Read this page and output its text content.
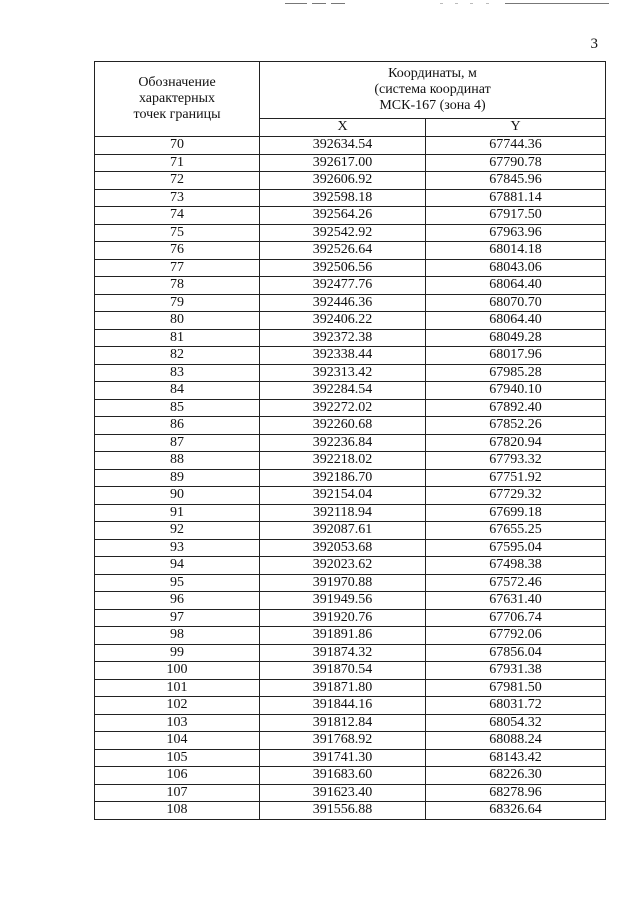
3
Обозначение
характерных
точек границы	Координаты, м
(система координат
МСК-167 (зона 4)	

	X	Y
70	392634.54	67744.36
71	392617.00	67790.78
72	392606.92	67845.96
73	392598.18	67881.14
74	392564.26	67917.50
75	392542.92	67963.96
76	392526.64	68014.18
77	392506.56	68043.06
78	392477.76	68064.40
79	392446.36	68070.70
80	392406.22	68064.40
81	392372.38	68049.28
82	392338.44	68017.96
83	392313.42	67985.28
84	392284.54	67940.10
85	392272.02	67892.40
86	392260.68	67852.26
87	392236.84	67820.94
88	392218.02	67793.32
89	392186.70	67751.92
90	392154.04	67729.32
91	392118.94	67699.18
92	392087.61	67655.25
93	392053.68	67595.04
94	392023.62	67498.38
95	391970.88	67572.46
96	391949.56	67631.40
97	391920.76	67706.74
98	391891.86	67792.06
99	391874.32	67856.04
100	391870.54	67931.38
101	391871.80	67981.50
102	391844.16	68031.72
103	391812.84	68054.32
104	391768.92	68088.24
105	391741.30	68143.42
106	391683.60	68226.30
107	391623.40	68278.96
108	391556.88	68326.64
